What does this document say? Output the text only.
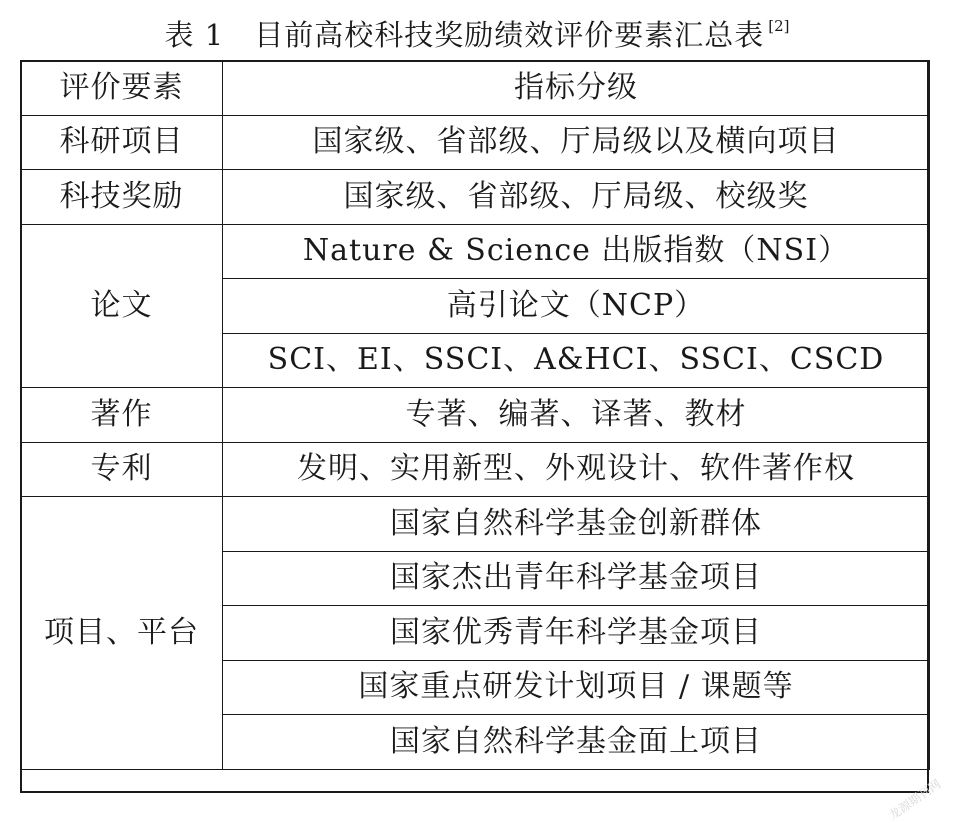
表 1 目前高校科技奖励绩效评价要素汇总表 [2]
评价要素	指标分级
科研项目	国家级、省部级、厅局级以及横向项目
科技奖励	国家级、省部级、厅局级、校级奖
论文	Nature & Science 出版指数（NSI）
	高引论文（NCP）
	SCI、EI、SSCI、A&HCI、SSCI、CSCD
著作	专著、编著、译著、教材
专利	发明、实用新型、外观设计、软件著作权
项目、平台	国家自然科学基金创新群体
	国家杰出青年科学基金项目
	国家优秀青年科学基金项目
	国家重点研发计划项目 / 课题等
	国家自然科学基金面上项目
龙源期刊网
